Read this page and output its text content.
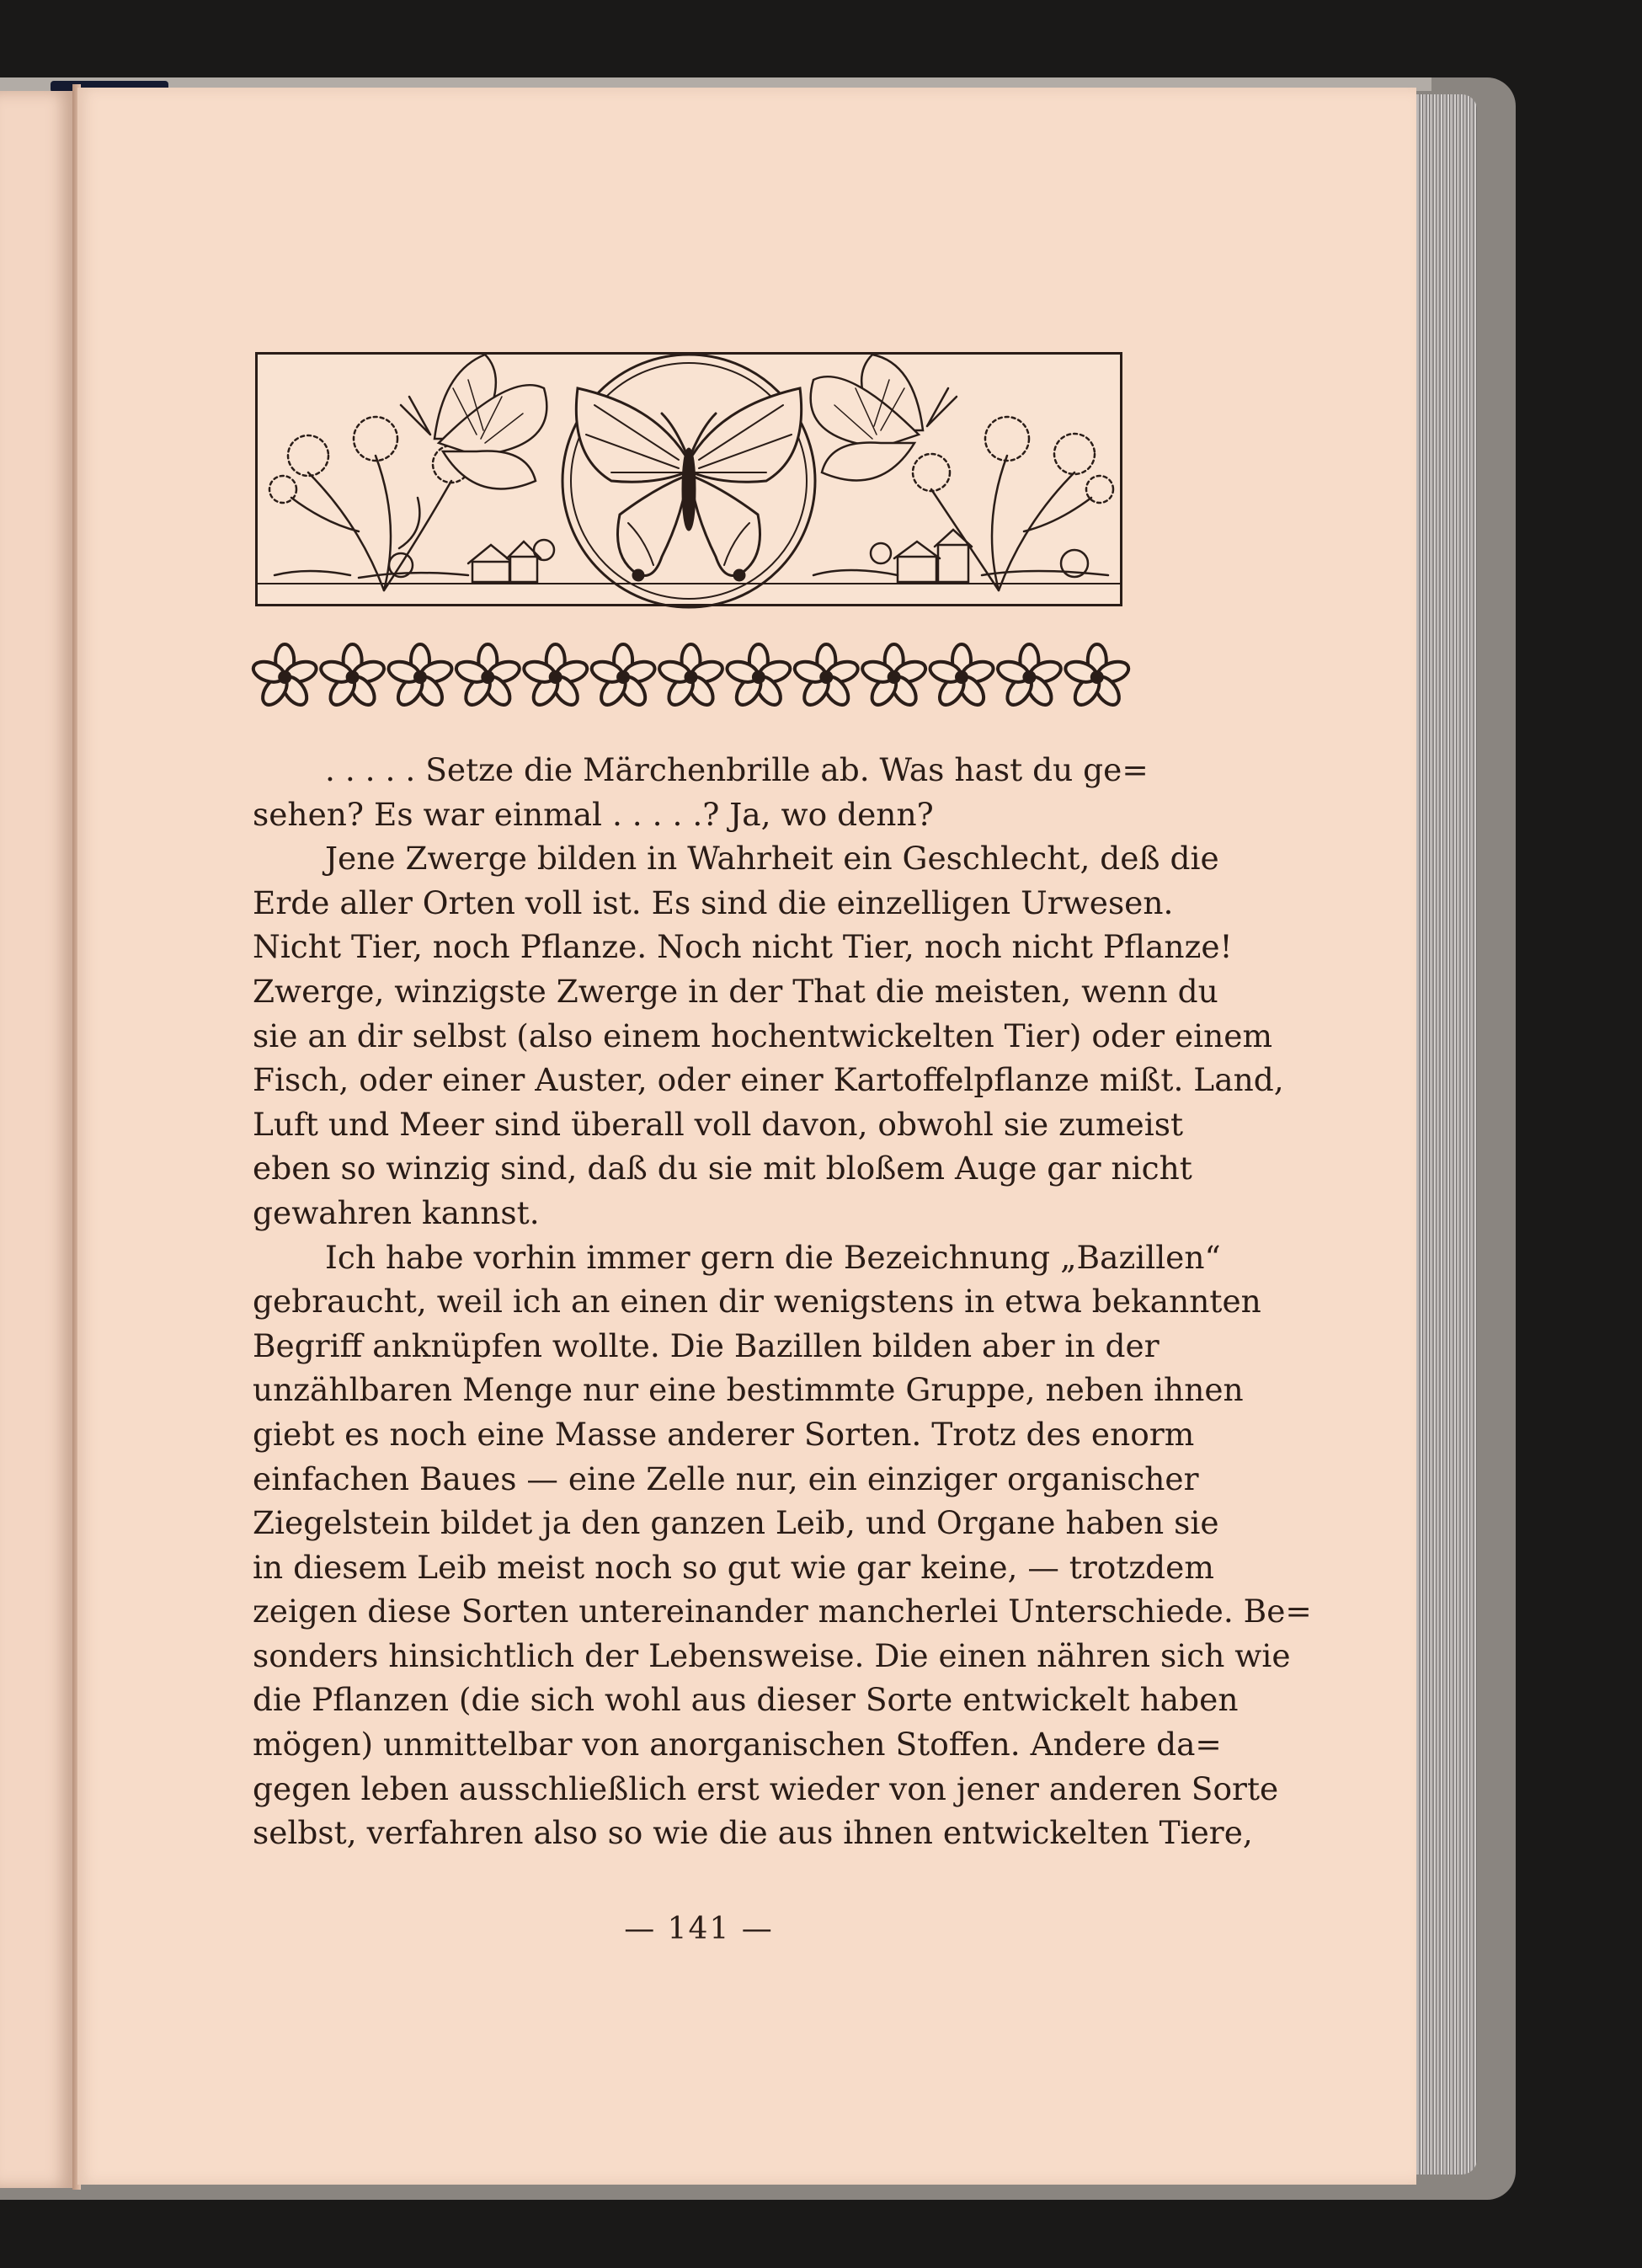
. . . . . Setze die Märchenbrille ab. Was hast du ge=
sehen? Es war einmal . . . . .? Ja, wo denn?
Jene Zwerge bilden in Wahrheit ein Geschlecht, deß die
Erde aller Orten voll ist. Es sind die einzelligen Urwesen.
Nicht Tier, noch Pflanze. Noch nicht Tier, noch nicht Pflanze!
Zwerge, winzigste Zwerge in der That die meisten, wenn du
sie an dir selbst (also einem hochentwickelten Tier) oder einem
Fisch, oder einer Auster, oder einer Kartoffelpflanze mißt. Land,
Luft und Meer sind überall voll davon, obwohl sie zumeist
eben so winzig sind, daß du sie mit bloßem Auge gar nicht
gewahren kannst.
Ich habe vorhin immer gern die Bezeichnung „Bazillen“
gebraucht, weil ich an einen dir wenigstens in etwa bekannten
Begriff anknüpfen wollte. Die Bazillen bilden aber in der
unzählbaren Menge nur eine bestimmte Gruppe, neben ihnen
giebt es noch eine Masse anderer Sorten. Trotz des enorm
einfachen Baues — eine Zelle nur, ein einziger organischer
Ziegelstein bildet ja den ganzen Leib, und Organe haben sie
in diesem Leib meist noch so gut wie gar keine, — trotzdem
zeigen diese Sorten untereinander mancherlei Unterschiede. Be=
sonders hinsichtlich der Lebensweise. Die einen nähren sich wie
die Pflanzen (die sich wohl aus dieser Sorte entwickelt haben
mögen) unmittelbar von anorganischen Stoffen. Andere da=
gegen leben ausschließlich erst wieder von jener anderen Sorte
selbst, verfahren also so wie die aus ihnen entwickelten Tiere,
— 141 —
